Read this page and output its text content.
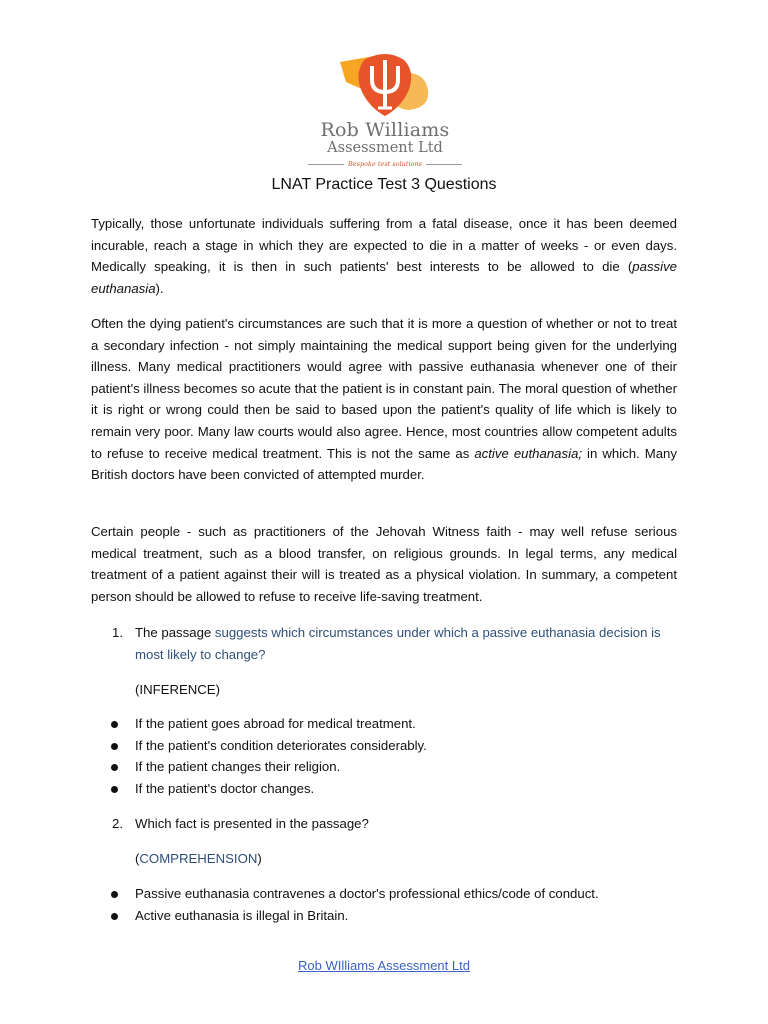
Rob Williams
Assessment Ltd
Bespoke test solutions
LNAT Practice Test 3 Questions

Typically, those unfortunate individuals suffering from a fatal disease, once it has been deemed incurable, reach a stage in which they are expected to die in a matter of weeks - or even days. Medically speaking, it is then in such patients' best interests to be allowed to die (passive euthanasia).

Often the dying patient's circumstances are such that it is more a question of whether or not to treat a secondary infection - not simply maintaining the medical support being given for the underlying illness. Many medical practitioners would agree with passive euthanasia whenever one of their patient's illness becomes so acute that the patient is in constant pain. The moral question of whether it is right or wrong could then be said to based upon the patient's quality of life which is likely to remain very poor. Many law courts would also agree. Hence, most countries allow competent adults to refuse to receive medical treatment. This is not the same as active euthanasia; in which. Many British doctors have been convicted of attempted murder.

Certain people - such as practitioners of the Jehovah Witness faith - may well refuse serious medical treatment, such as a blood transfer, on religious grounds. In legal terms, any medical treatment of a patient against their will is treated as a physical violation. In summary, a competent person should be allowed to refuse to receive life-saving treatment.

1. The passage suggests which circumstances under which a passive euthanasia decision is most likely to change?
(INFERENCE)
If the patient goes abroad for medical treatment.
If the patient's condition deteriorates considerably.
If the patient changes their religion.
If the patient's doctor changes.
2. Which fact is presented in the passage?
(COMPREHENSION)
Passive euthanasia contravenes a doctor's professional ethics/code of conduct.
Active euthanasia is illegal in Britain.
Rob WIlliams Assessment Ltd
